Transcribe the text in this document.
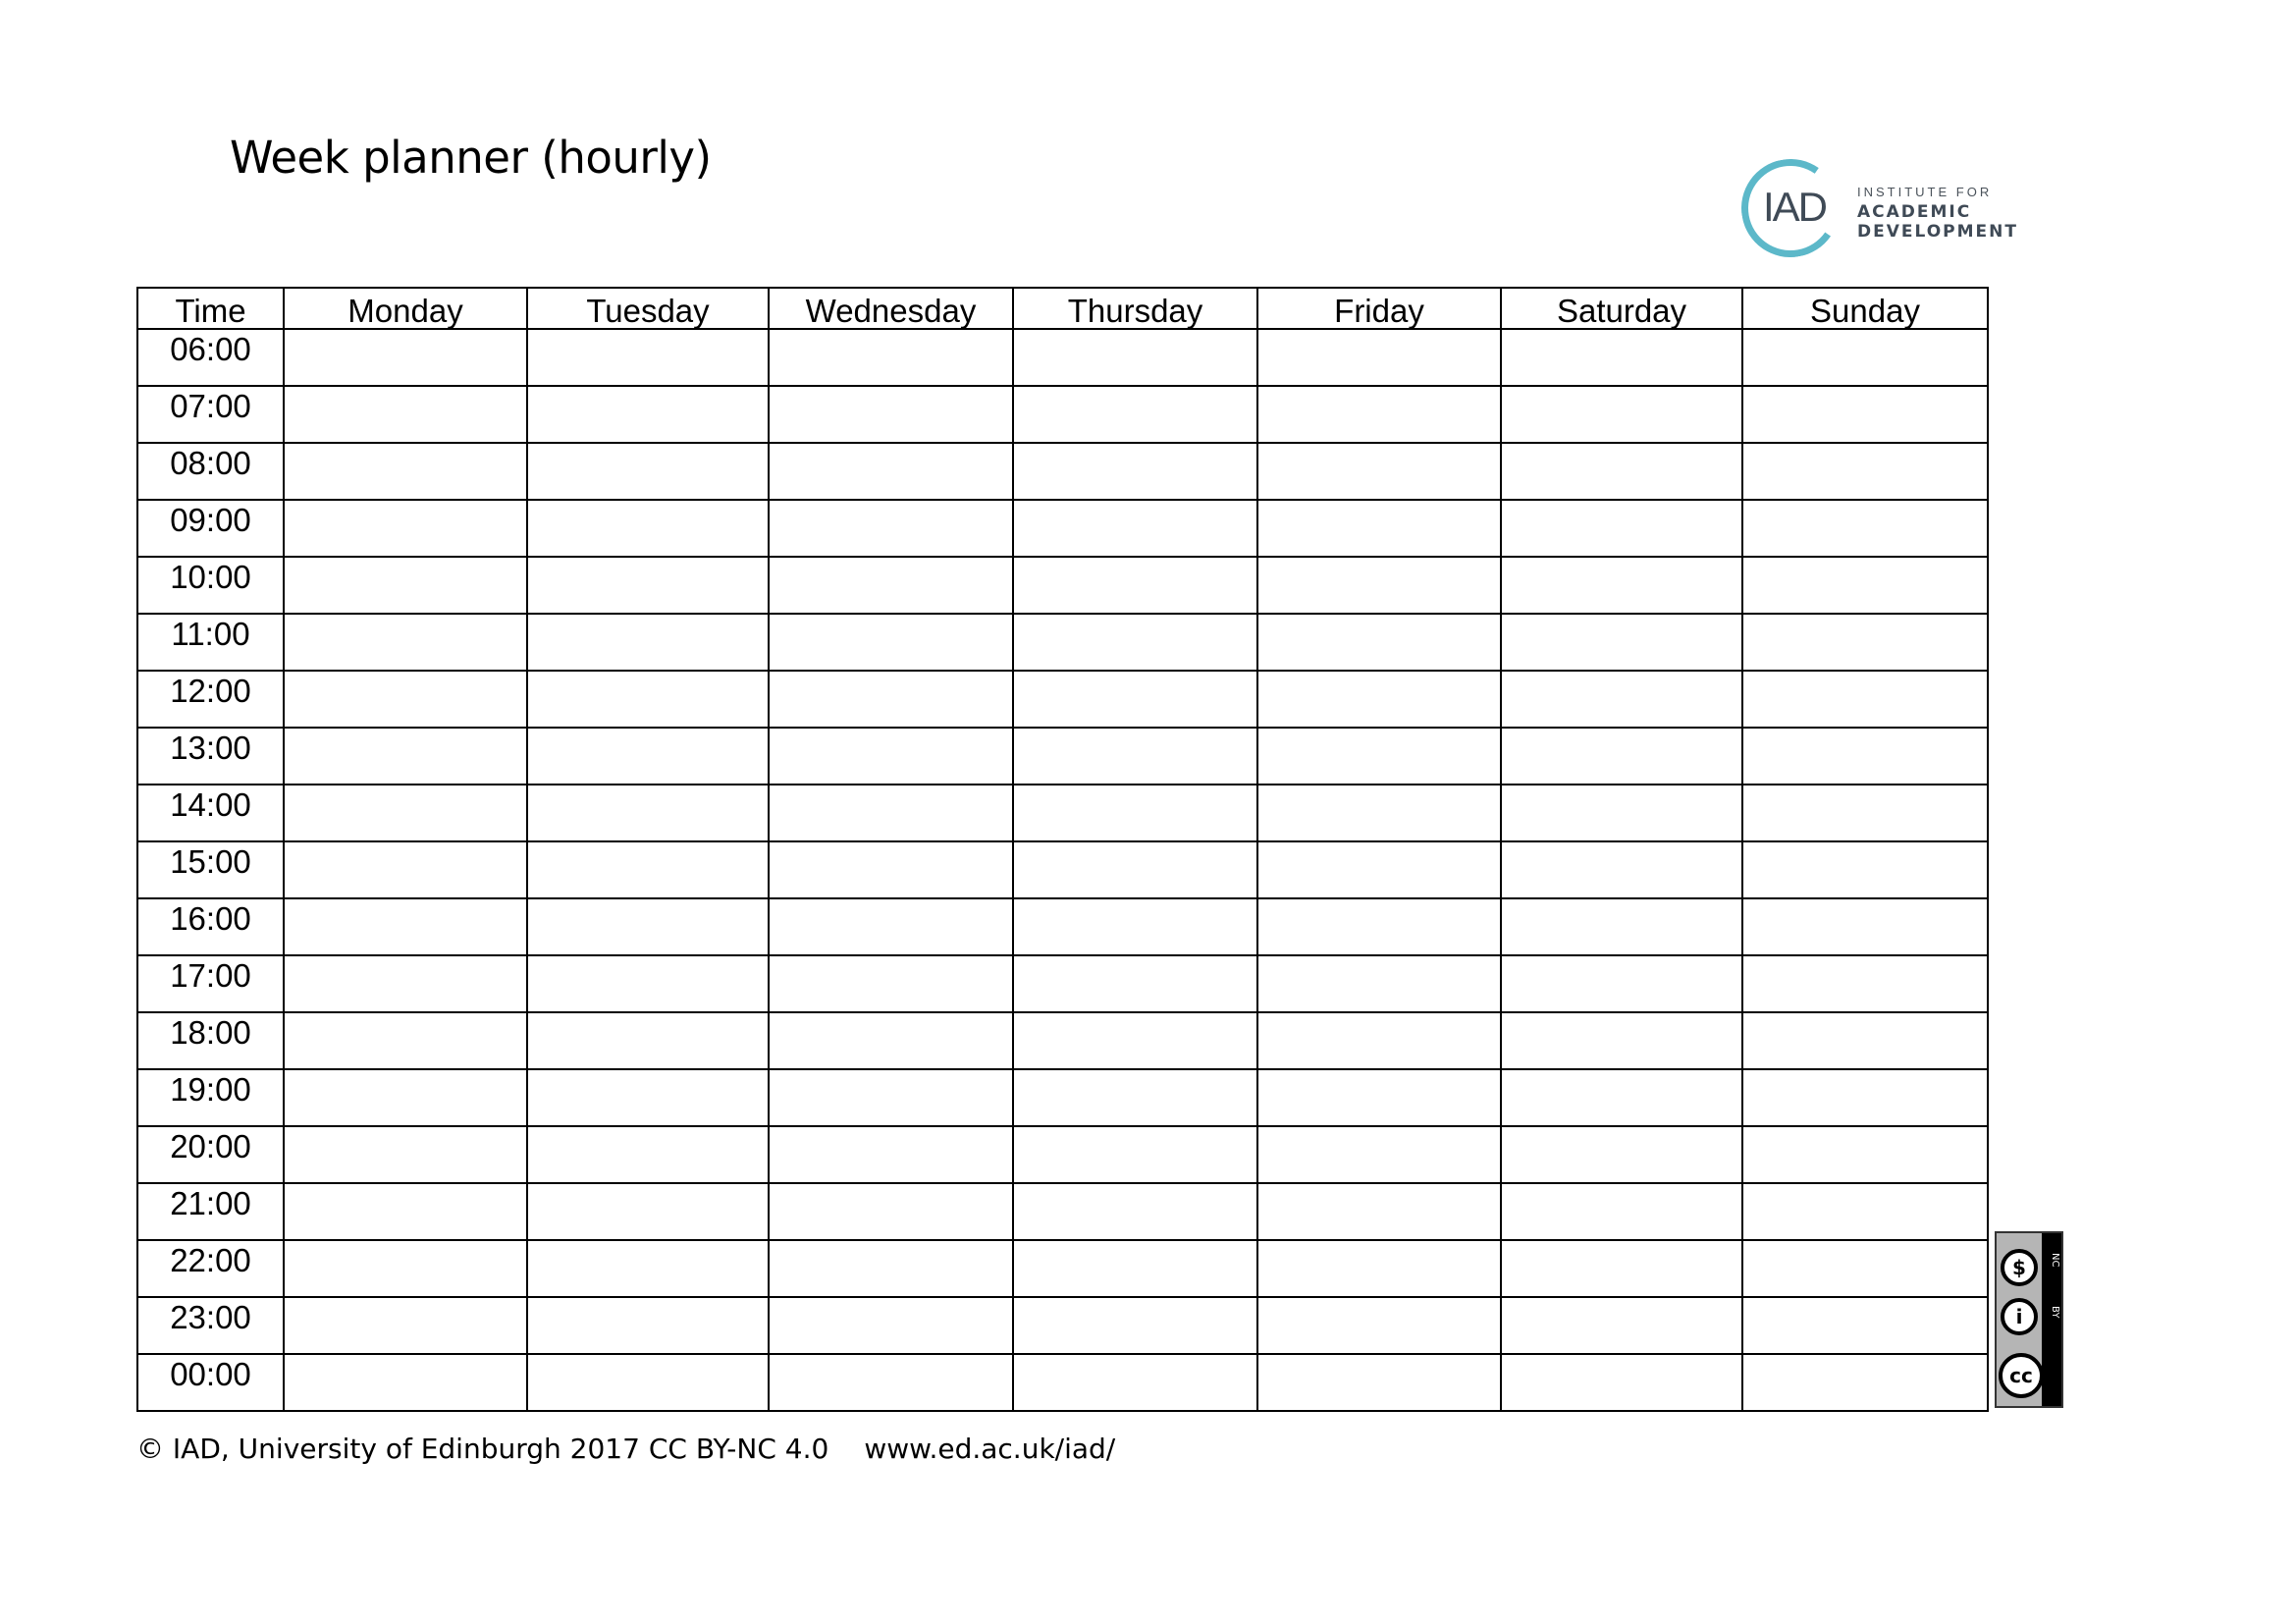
Week planner (hourly)
IAD INSTITUTE FOR
ACADEMIC
DEVELOPMENT
Time	Monday	Tuesday	Wednesday	Thursday	Friday	Saturday	Sunday
06:00							
07:00							
08:00							
09:00							
10:00							
11:00							
12:00							
13:00							
14:00							
15:00							
16:00							
17:00							
18:00							
19:00							
20:00							
21:00							
22:00							
23:00							
00:00							
© IAD, University of Edinburgh 2017 CC BY-NC 4.0 www.ed.ac.uk/iad/
$
i
cc
NC
BY
